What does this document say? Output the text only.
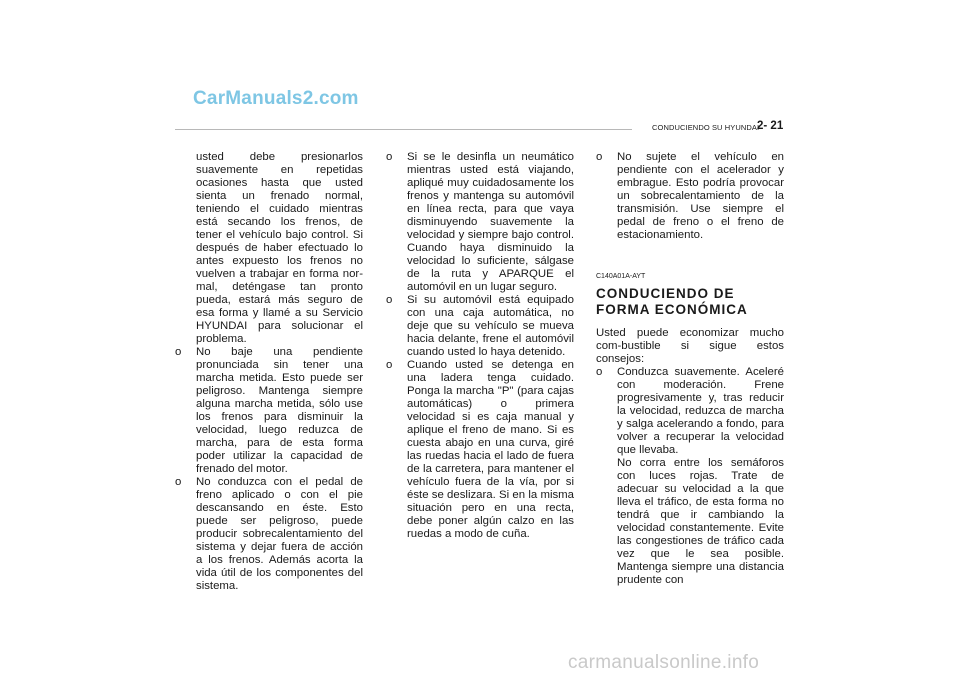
CarManuals2.com
CONDUCIENDO SU HYUNDAI
2- 21

usted debe presionarlos suavemente en repetidas ocasiones hasta que usted sienta un frenado normal, teniendo el cuidado mientras está secando los frenos, de tener el vehículo bajo control. Si después de haber efectuado lo antes expuesto los frenos no vuelven a trabajar en forma nor-mal, deténgase tan pronto pueda, estará más seguro de esa forma y llamé a su Servicio HYUNDAI para solucionar el problema.

o No baje una pendiente pronunciada sin tener una marcha metida. Esto puede ser peligroso. Mantenga siempre alguna marcha metida, sólo use los frenos para disminuir la velocidad, luego reduzca de marcha, para de esta forma poder utilizar la capacidad de frenado del motor.

o No conduzca con el pedal de freno aplicado o con el pie descansando en éste. Esto puede ser peligroso, puede producir sobrecalentamiento del sistema y dejar fuera de acción a los frenos. Además acorta la vida útil de los componentes del sistema.

o Si se le desinfla un neumático mientras usted está viajando, apliqué muy cuidadosamente los frenos y mantenga su automóvil en línea recta, para que vaya disminuyendo suavemente la velocidad y siempre bajo control. Cuando haya disminuido la velocidad lo suficiente, sálgase de la ruta y APARQUE el automóvil en un lugar seguro.

o Si su automóvil está equipado con una caja automática, no deje que su vehículo se mueva hacia delante, frene el automóvil cuando usted lo haya detenido.

o Cuando usted se detenga en una ladera tenga cuidado. Ponga la marcha "P" (para cajas automáticas) o primera velocidad si es caja manual y aplique el freno de mano. Si es cuesta abajo en una curva, giré las ruedas hacia el lado de fuera de la carretera, para mantener el vehículo fuera de la vía, por si éste se deslizara. Si en la misma situación pero en una recta, debe poner algún calzo en las ruedas a modo de cuña.

o No sujete el vehículo en pendiente con el acelerador y embrague. Esto podría provocar un sobrecalentamiento de la transmisión. Use siempre el pedal de freno o el freno de estacionamiento.

C140A01A-AYT
CONDUCIENDO DE FORMA ECONÓMICA

Usted puede economizar mucho com-bustible si sigue estos consejos:

o Conduzca suavemente. Aceleré con moderación. Frene progresivamente y, tras reducir la velocidad, reduzca de marcha y salga acelerando a fondo, para volver a recuperar la velocidad que llevaba.

No corra entre los semáforos con luces rojas. Trate de adecuar su velocidad a la que lleva el tráfico, de esta forma no tendrá que ir cambiando la velocidad constantemente. Evite las congestiones de tráfico cada vez que le sea posible. Mantenga siempre una distancia prudente con

carmanualsonline.info
